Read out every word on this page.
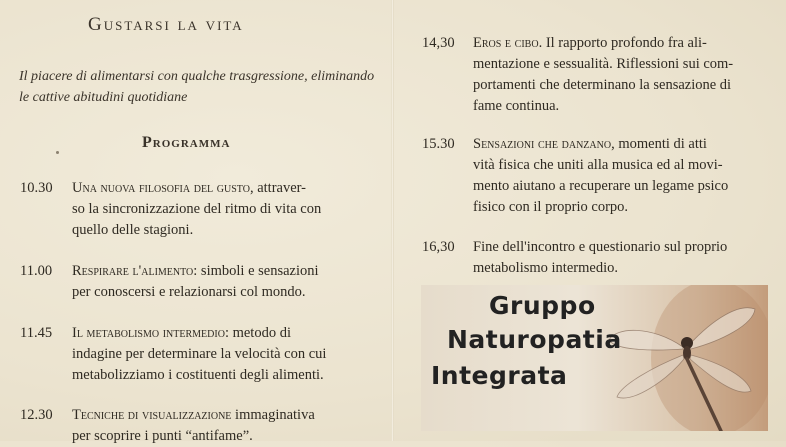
Gustarsi la vita
Il piacere di alimentarsi con qualche trasgressione, eliminando le cattive abitudini quotidiane
Programma
10.30	Una nuova filosofia del gusto, attraver-
so la sincronizzazione del ritmo di vita con
quello delle stagioni.
11.00	Respirare l'alimento: simboli e sensazioni
per conoscersi e relazionarsi col mondo.
11.45	Il metabolismo intermedio: metodo di
indagine per determinare la velocità con cui
metabolizziamo i costituenti degli alimenti.
12.30	Tecniche di visualizzazione immaginativa
per scoprire i punti “antifame”.
14,30	Eros e cibo. Il rapporto profondo fra ali-
mentazione e sessualità. Riflessioni sui com-
portamenti che determinano la sensazione di
fame continua.
15.30	Sensazioni che danzano, momenti di atti
vità fisica che uniti alla musica ed al movi-
mento aiutano a recuperare un legame psico
fisico con il proprio corpo.
16,30	Fine dell'incontro e questionario sul proprio
metabolismo intermedio.
Gruppo
Naturopatia
Integrata
